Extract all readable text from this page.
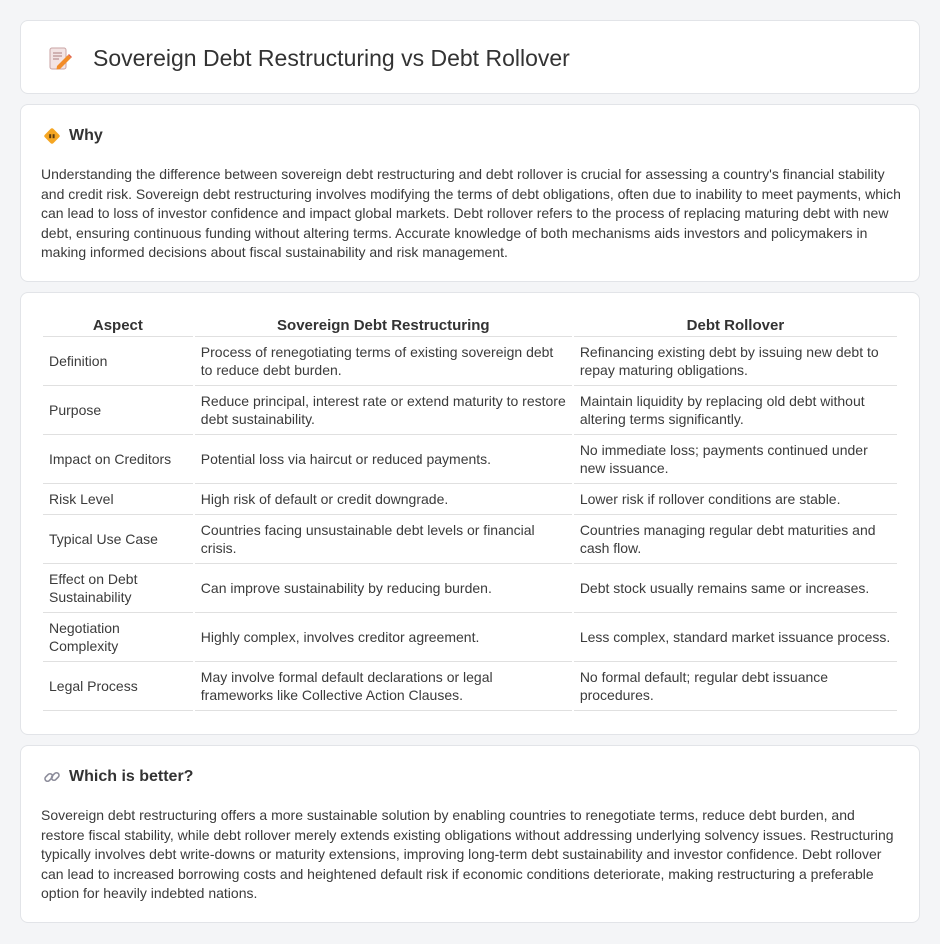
Sovereign Debt Restructuring vs Debt Rollover
Why

Understanding the difference between sovereign debt restructuring and debt rollover is crucial for assessing a country's financial stability and credit risk. Sovereign debt restructuring involves modifying the terms of debt obligations, often due to inability to meet payments, which can lead to loss of investor confidence and impact global markets. Debt rollover refers to the process of replacing maturing debt with new debt, ensuring continuous funding without altering terms. Accurate knowledge of both mechanisms aids investors and policymakers in making informed decisions about fiscal sustainability and risk management.

Aspect	Sovereign Debt Restructuring	Debt Rollover
Definition	Process of renegotiating terms of existing sovereign debt to reduce debt burden.	Refinancing existing debt by issuing new debt to repay maturing obligations.
Purpose	Reduce principal, interest rate or extend maturity to restore debt sustainability.	Maintain liquidity by replacing old debt without altering terms significantly.
Impact on Creditors	Potential loss via haircut or reduced payments.	No immediate loss; payments continued under new issuance.
Risk Level	High risk of default or credit downgrade.	Lower risk if rollover conditions are stable.
Typical Use Case	Countries facing unsustainable debt levels or financial crisis.	Countries managing regular debt maturities and cash flow.
Effect on Debt Sustainability	Can improve sustainability by reducing burden.	Debt stock usually remains same or increases.
Negotiation Complexity	Highly complex, involves creditor agreement.	Less complex, standard market issuance process.
Legal Process	May involve formal default declarations or legal frameworks like Collective Action Clauses.	No formal default; regular debt issuance procedures.
Which is better?

Sovereign debt restructuring offers a more sustainable solution by enabling countries to renegotiate terms, reduce debt burden, and restore fiscal stability, while debt rollover merely extends existing obligations without addressing underlying solvency issues. Restructuring typically involves debt write-downs or maturity extensions, improving long-term debt sustainability and investor confidence. Debt rollover can lead to increased borrowing costs and heightened default risk if economic conditions deteriorate, making restructuring a preferable option for heavily indebted nations.
